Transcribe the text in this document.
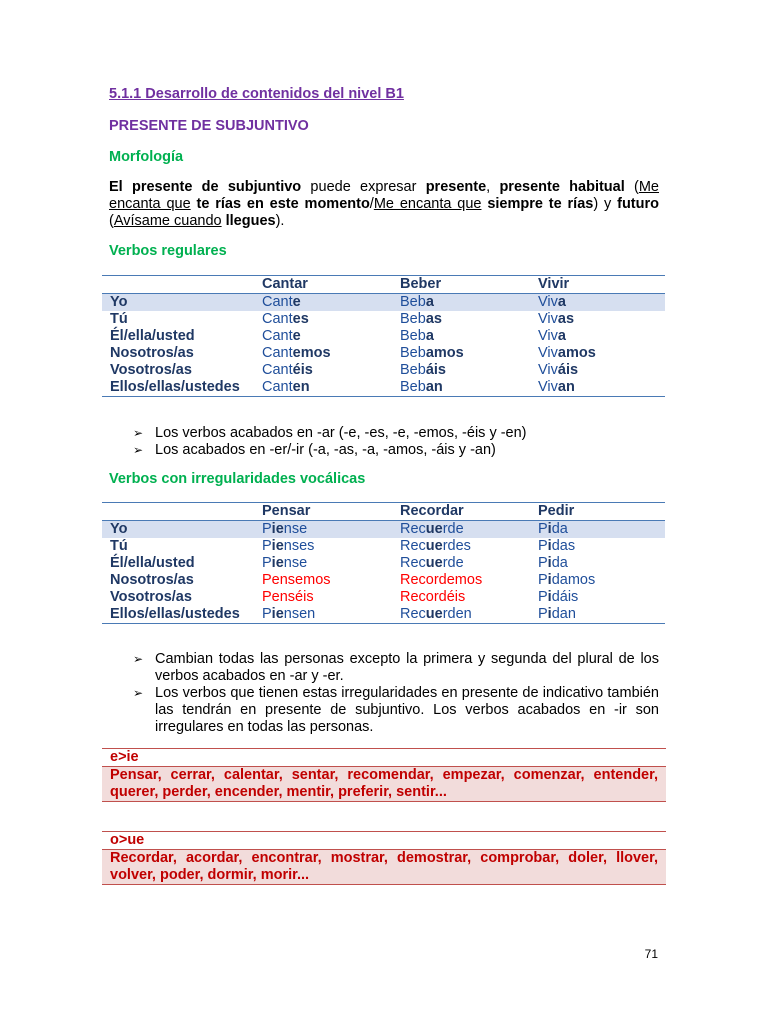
5.1.1 Desarrollo de contenidos del nivel B1
PRESENTE DE SUBJUNTIVO
Morfología
El presente de subjuntivo puede expresar presente, presente habitual (Me encanta que te rías en este momento/Me encanta que siempre te rías) y futuro (Avísame cuando llegues).
Verbos regulares
	Cantar	Beber	Vivir
Yo	Cante	Beba	Viva
Tú	Cantes	Bebas	Vivas
Él/ella/usted	Cante	Beba	Viva
Nosotros/as	Cantemos	Bebamos	Vivamos
Vosotros/as	Cantéis	Bebáis	Viváis
Ellos/ellas/ustedes	Canten	Beban	Vivan
➢ Los verbos acabados en -ar (-e, -es, -e, -emos, -éis y -en)
➢ Los acabados en -er/-ir (-a, -as, -a, -amos, -áis y -an)
Verbos con irregularidades vocálicas
	Pensar	Recordar	Pedir
Yo	Piense	Recuerde	Pida
Tú	Pienses	Recuerdes	Pidas
Él/ella/usted	Piense	Recuerde	Pida
Nosotros/as	Pensemos	Recordemos	Pidamos
Vosotros/as	Penséis	Recordéis	Pidáis
Ellos/ellas/ustedes	Piensen	Recuerden	Pidan
➢ Cambian todas las personas excepto la primera y segunda del plural de los verbos acabados en -ar y -er.
➢ Los verbos que tienen estas irregularidades en presente de indicativo también las tendrán en presente de subjuntivo. Los verbos acabados en -ir son irregulares en todas las personas.
e>ie
Pensar, cerrar, calentar, sentar, recomendar, empezar, comenzar, entender, querer, perder, encender, mentir, preferir, sentir...
o>ue
Recordar, acordar, encontrar, mostrar, demostrar, comprobar, doler, llover, volver, poder, dormir, morir...
71
